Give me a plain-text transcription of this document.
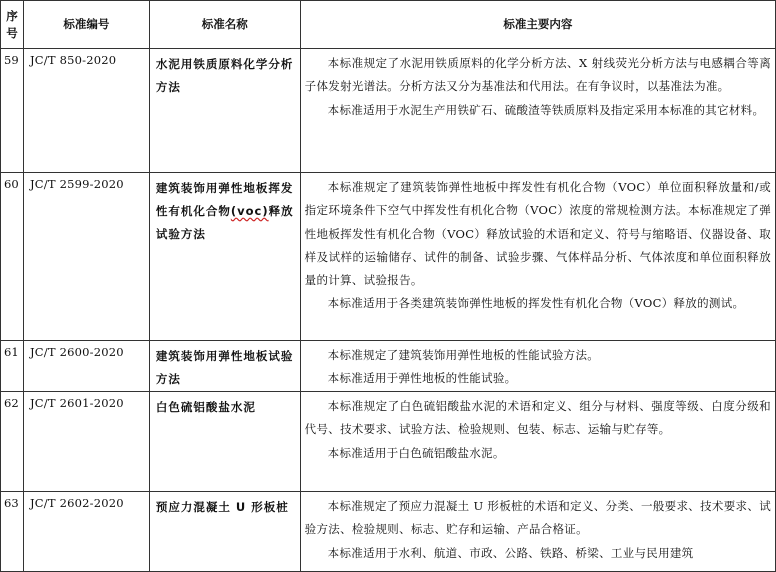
序
号	标准编号	标准名称	标准主要内容
59	JC/T 850-2020	水泥用铁质原料化学分析方法	本标准规定了水泥用铁质原料的化学分析方法、X 射线荧光分析方法与电感耦合等离子体发射光谱法。分析方法又分为基准法和代用法。在有争议时，以基准法为准。

本标准适用于水泥生产用铁矿石、硫酸渣等铁质原料及指定采用本标准的其它材料。

60	JC/T 2599-2020	建筑装饰用弹性地板挥发性有机化合物(voc)释放试验方法	本标准规定了建筑装饰弹性地板中挥发性有机化合物（VOC）单位面积释放量和/或指定环境条件下空气中挥发性有机化合物（VOC）浓度的常规检测方法。本标准规定了弹性地板挥发性有机化合物（VOC）释放试验的术语和定义、符号与缩略语、仪器设备、取样及试样的运输储存、试件的制备、试验步骤、气体样品分析、气体浓度和单位面积释放量的计算、试验报告。

本标准适用于各类建筑装饰弹性地板的挥发性有机化合物（VOC）释放的测试。

61	JC/T 2600-2020	建筑装饰用弹性地板试验方法	本标准规定了建筑装饰用弹性地板的性能试验方法。

本标准适用于弹性地板的性能试验。

62	JC/T 2601-2020	白色硫铝酸盐水泥	本标准规定了白色硫铝酸盐水泥的术语和定义、组分与材料、强度等级、白度分级和代号、技术要求、试验方法、检验规则、包装、标志、运输与贮存等。

本标准适用于白色硫铝酸盐水泥。

63	JC/T 2602-2020	预应力混凝土 U 形板桩	本标准规定了预应力混凝土 U 形板桩的术语和定义、分类、一般要求、技术要求、试验方法、检验规则、标志、贮存和运输、产品合格证。

本标准适用于水利、航道、市政、公路、铁路、桥梁、工业与民用建筑
